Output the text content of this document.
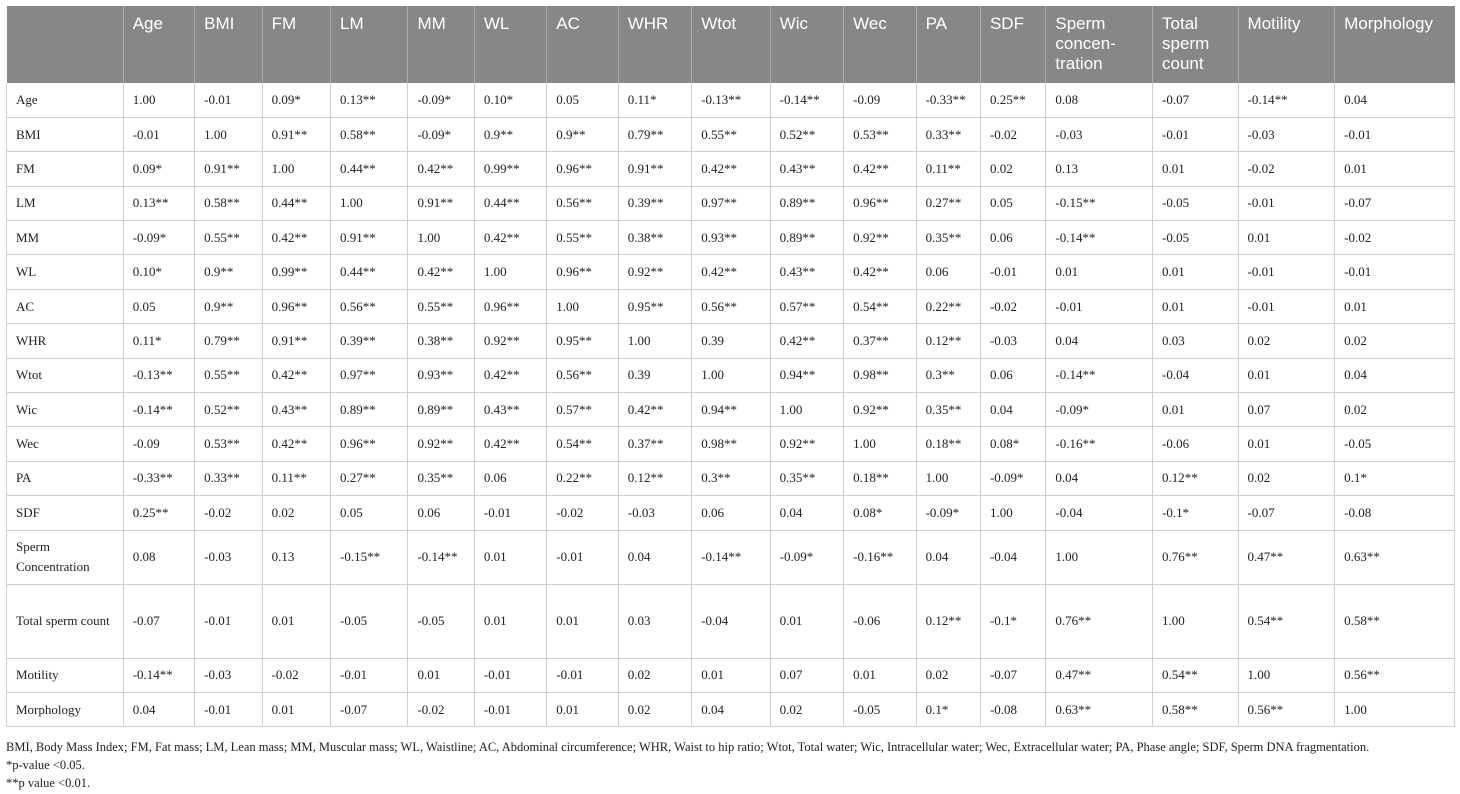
	Age	BMI	FM	LM	MM	WL	AC	WHR	Wtot	Wic	Wec	PA	SDF	Sperm concen-tration	Total sperm count	Motility	Morphology
Age	1.00	-0.01	0.09*	0.13**	-0.09*	0.10*	0.05	0.11*	-0.13**	-0.14**	-0.09	-0.33**	0.25**	0.08	-0.07	-0.14**	0.04
BMI	-0.01	1.00	0.91**	0.58**	-0.09*	0.9**	0.9**	0.79**	0.55**	0.52**	0.53**	0.33**	-0.02	-0.03	-0.01	-0.03	-0.01
FM	0.09*	0.91**	1.00	0.44**	0.42**	0.99**	0.96**	0.91**	0.42**	0.43**	0.42**	0.11**	0.02	0.13	0.01	-0.02	0.01
LM	0.13**	0.58**	0.44**	1.00	0.91**	0.44**	0.56**	0.39**	0.97**	0.89**	0.96**	0.27**	0.05	-0.15**	-0.05	-0.01	-0.07
MM	-0.09*	0.55**	0.42**	0.91**	1.00	0.42**	0.55**	0.38**	0.93**	0.89**	0.92**	0.35**	0.06	-0.14**	-0.05	0.01	-0.02
WL	0.10*	0.9**	0.99**	0.44**	0.42**	1.00	0.96**	0.92**	0.42**	0.43**	0.42**	0.06	-0.01	0.01	0.01	-0.01	-0.01
AC	0.05	0.9**	0.96**	0.56**	0.55**	0.96**	1.00	0.95**	0.56**	0.57**	0.54**	0.22**	-0.02	-0.01	0.01	-0.01	0.01
WHR	0.11*	0.79**	0.91**	0.39**	0.38**	0.92**	0.95**	1.00	0.39	0.42**	0.37**	0.12**	-0.03	0.04	0.03	0.02	0.02
Wtot	-0.13**	0.55**	0.42**	0.97**	0.93**	0.42**	0.56**	0.39	1.00	0.94**	0.98**	0.3**	0.06	-0.14**	-0.04	0.01	0.04
Wic	-0.14**	0.52**	0.43**	0.89**	0.89**	0.43**	0.57**	0.42**	0.94**	1.00	0.92**	0.35**	0.04	-0.09*	0.01	0.07	0.02
Wec	-0.09	0.53**	0.42**	0.96**	0.92**	0.42**	0.54**	0.37**	0.98**	0.92**	1.00	0.18**	0.08*	-0.16**	-0.06	0.01	-0.05
PA	-0.33**	0.33**	0.11**	0.27**	0.35**	0.06	0.22**	0.12**	0.3**	0.35**	0.18**	1.00	-0.09*	0.04	0.12**	0.02	0.1*
SDF	0.25**	-0.02	0.02	0.05	0.06	-0.01	-0.02	-0.03	0.06	0.04	0.08*	-0.09*	1.00	-0.04	-0.1*	-0.07	-0.08
Sperm Concentration	0.08	-0.03	0.13	-0.15**	-0.14**	0.01	-0.01	0.04	-0.14**	-0.09*	-0.16**	0.04	-0.04	1.00	0.76**	0.47**	0.63**
Total sperm count	-0.07	-0.01	0.01	-0.05	-0.05	0.01	0.01	0.03	-0.04	0.01	-0.06	0.12**	-0.1*	0.76**	1.00	0.54**	0.58**
Motility	-0.14**	-0.03	-0.02	-0.01	0.01	-0.01	-0.01	0.02	0.01	0.07	0.01	0.02	-0.07	0.47**	0.54**	1.00	0.56**
Morphology	0.04	-0.01	0.01	-0.07	-0.02	-0.01	0.01	0.02	0.04	0.02	-0.05	0.1*	-0.08	0.63**	0.58**	0.56**	1.00
BMI, Body Mass Index; FM, Fat mass; LM, Lean mass; MM, Muscular mass; WL, Waistline; AC, Abdominal circumference; WHR, Waist to hip ratio; Wtot, Total water; Wic, Intracellular water; Wec, Extracellular water; PA, Phase angle; SDF, Sperm DNA fragmentation.
*p-value <0.05.
**p value <0.01.
